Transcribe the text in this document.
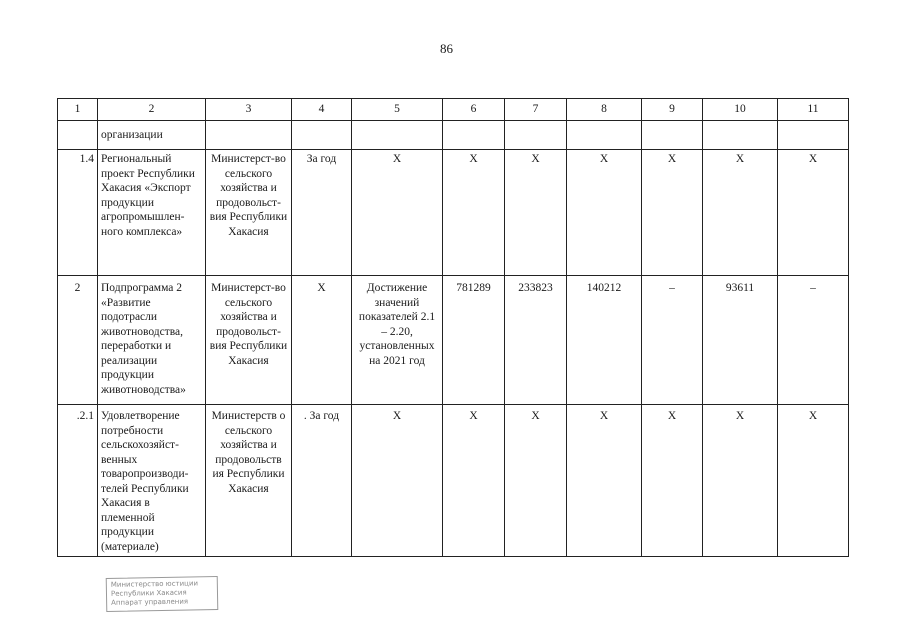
86
1	2	3	4	5	6	7	8	9	10	11
	организации									
1.4	Региональный проект Республики Хакасия «Экспорт продукции агропромышлен-ного комплекса»	Министерст-во сельского хозяйства и продовольст-вия Республики Хакасия	За год	X	X	X	X	X	X	X
2	Подпрограмма 2 «Развитие подотрасли животноводства, переработки и реализации продукции животноводства»	Министерст-во сельского хозяйства и продовольст-вия Республики Хакасия	X	Достижение значений показателей 2.1 – 2.20, установленных на 2021 год	781289	233823	140212	–	93611	–
.2.1	Удовлетворение потребности сельскохозяйст-венных товаропроизводи-телей Республики Хакасия в племенной продукции (материале)	Министерств о сельского хозяйства и продовольств ия Республики Хакасия	. За год	X	X	X	X	X	X	X
Министерство юстиции
Республики Хакасия
Аппарат управления
